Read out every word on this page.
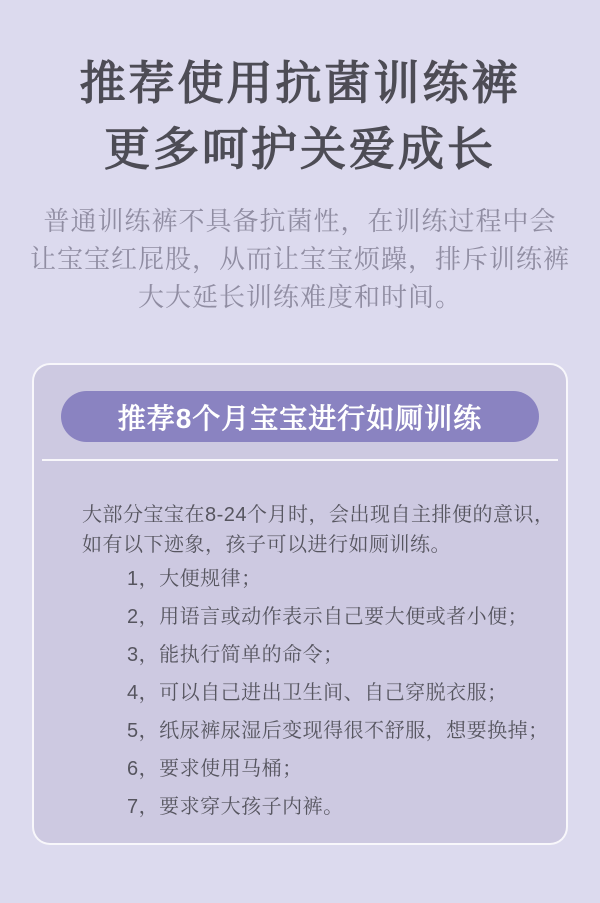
推荐使用抗菌训练裤
更多呵护关爱成长
普通训练裤不具备抗菌性，在训练过程中会
让宝宝红屁股，从而让宝宝烦躁，排斥训练裤
大大延长训练难度和时间。
推荐8个月宝宝进行如厕训练
大部分宝宝在8-24个月时，会出现自主排便的意识，
如有以下迹象，孩子可以进行如厕训练。
1，大便规律；
2，用语言或动作表示自己要大便或者小便；
3，能执行简单的命令；
4，可以自己进出卫生间、自己穿脱衣服；
5，纸尿裤尿湿后变现得很不舒服，想要换掉；
6，要求使用马桶；
7，要求穿大孩子内裤。
